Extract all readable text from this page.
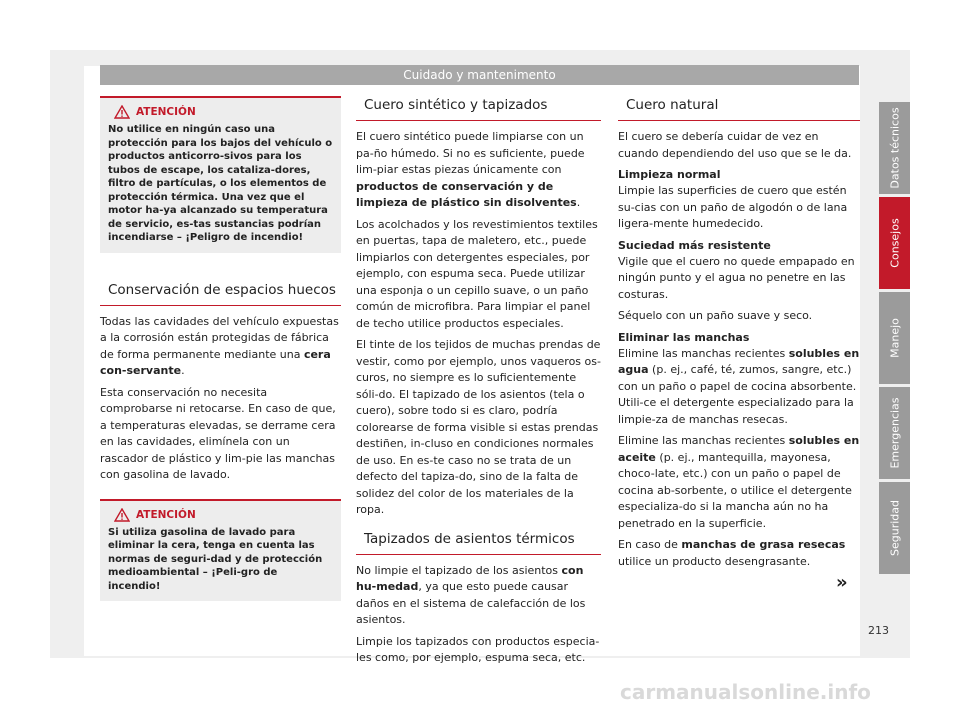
Cuidado y mantenimento
ATENCIÓN
No utilice en ningún caso una protección para los bajos del vehículo o productos anticorro-sivos para los tubos de escape, los cataliza-dores, filtro de partículas, o los elementos de protección térmica. Una vez que el motor ha-ya alcanzado su temperatura de servicio, es-tas sustancias podrían incendiarse – ¡Peligro de incendio!
Conservación de espacios huecos

Todas las cavidades del vehículo expuestas a la corrosión están protegidas de fábrica de forma permanente mediante una cera con-servante.

Esta conservación no necesita comprobarse ni retocarse. En caso de que, a temperaturas elevadas, se derrame cera en las cavidades, elimínela con un rascador de plástico y lim-pie las manchas con gasolina de lavado.

ATENCIÓN
Si utiliza gasolina de lavado para eliminar la cera, tenga en cuenta las normas de seguri-dad y de protección medioambiental – ¡Peli-gro de incendio!
Cuero sintético y tapizados

El cuero sintético puede limpiarse con un pa-ño húmedo. Si no es suficiente, puede lim-piar estas piezas únicamente con productos de conservación y de limpieza de plástico sin disolventes.

Los acolchados y los revestimientos textiles en puertas, tapa de maletero, etc., puede limpiarlos con detergentes especiales, por ejemplo, con espuma seca. Puede utilizar una esponja o un cepillo suave, o un paño común de microfibra. Para limpiar el panel de techo utilice productos especiales.

El tinte de los tejidos de muchas prendas de vestir, como por ejemplo, unos vaqueros os-curos, no siempre es lo suficientemente sóli-do. El tapizado de los asientos (tela o cuero), sobre todo si es claro, podría colorearse de forma visible si estas prendas destiñen, in-cluso en condiciones normales de uso. En es-te caso no se trata de un defecto del tapiza-do, sino de la falta de solidez del color de los materiales de la ropa.

Tapizados de asientos térmicos

No limpie el tapizado de los asientos con hu-medad, ya que esto puede causar daños en el sistema de calefacción de los asientos.

Limpie los tapizados con productos especia-les como, por ejemplo, espuma seca, etc.

Cuero natural

El cuero se debería cuidar de vez en cuando dependiendo del uso que se le da.

Limpieza normal

Limpie las superficies de cuero que estén su-cias con un paño de algodón o de lana ligera-mente humedecido.

Suciedad más resistente

Vigile que el cuero no quede empapado en ningún punto y el agua no penetre en las costuras.

Séquelo con un paño suave y seco.

Eliminar las manchas

Elimine las manchas recientes solubles en agua (p. ej., café, té, zumos, sangre, etc.) con un paño o papel de cocina absorbente. Utili-ce el detergente especializado para la limpie-za de manchas resecas.

Elimine las manchas recientes solubles en aceite (p. ej., mantequilla, mayonesa, choco-late, etc.) con un paño o papel de cocina ab-sorbente, o utilice el detergente especializa-do si la mancha aún no ha penetrado en la superficie.

En caso de manchas de grasa resecas utilice un producto desengrasante.

»
Datos técnicos
Consejos
Manejo
Emergencias
Seguridad
213
carmanualsonline.info
